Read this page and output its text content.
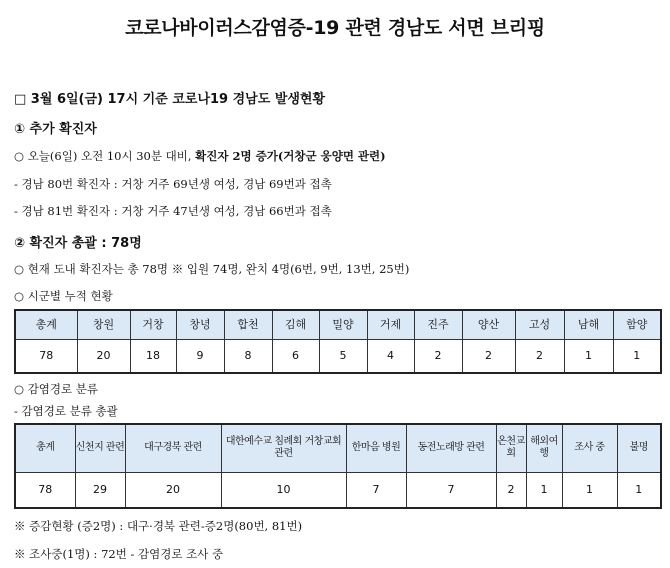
코로나바이러스감염증-19 관련 경남도 서면 브리핑
□ 3월 6일(금) 17시 기준 코로나19 경남도 발생현황
① 추가 확진자
○ 오늘(6일) 오전 10시 30분 대비, 확진자 2명 증가(거창군 웅양면 관련)
- 경남 80번 확진자 : 거창 거주 69년생 여성, 경남 69번과 접촉
- 경남 81번 확진자 : 거창 거주 47년생 여성, 경남 66번과 접촉
② 확진자 총괄 : 78명
○ 현재 도내 확진자는 총 78명 ※ 입원 74명, 완치 4명(6번, 9번, 13번, 25번)
○ 시군별 누적 현황
총계	창원	거창	창녕	합천	김해	밀양	거제	진주	양산	고성	남해	함양
78	20	18	9	8	6	5	4	2	2	2	1	1
○ 감염경로 분류
- 감염경로 분류 총괄
총계	신천지 관련	대구경북 관련	대한예수교 침례회 거창교회 관련	한마음 병원	동전노래방 관련	온천교회	해외여행	조사 중	불명
78	29	20	10	7	7	2	1	1	1
※ 증감현황 (증2명) : 대구·경북 관련-증2명(80번, 81번)
※ 조사중(1명) : 72번 - 감염경로 조사 중
